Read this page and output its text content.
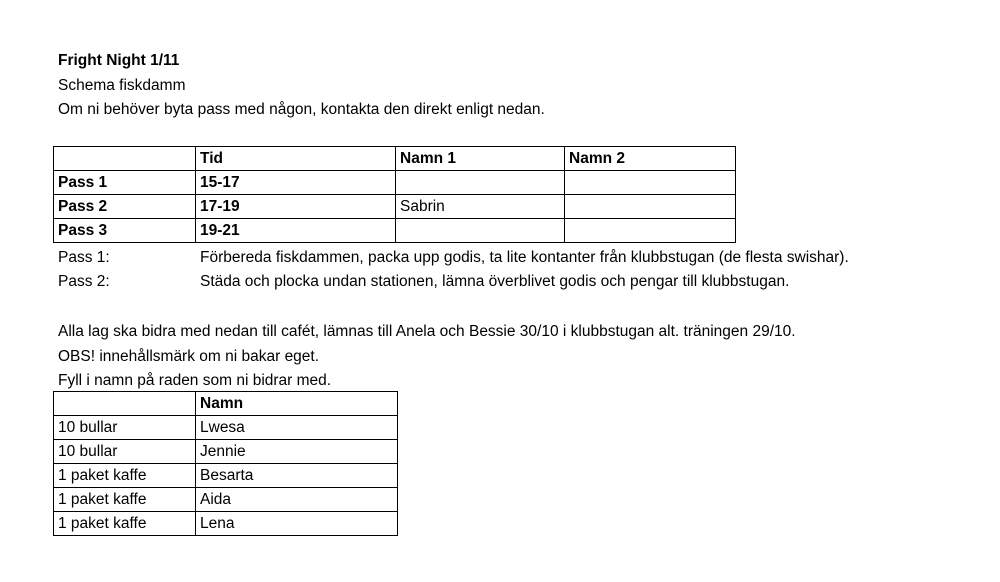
Fright Night 1/11
Schema fiskdamm
Om ni behöver byta pass med någon, kontakta den direkt enligt nedan.
	Tid	Namn 1	Namn 2
Pass 1	15-17		
Pass 2	17-19	Sabrin	
Pass 3	19-21		
Pass 1:	Förbereda fiskdammen, packa upp godis, ta lite kontanter från klubbstugan (de flesta swishar).
Pass 2:	Städa och plocka undan stationen, lämna överblivet godis och pengar till klubbstugan.
Alla lag ska bidra med nedan till cafét, lämnas till Anela och Bessie 30/10 i klubbstugan alt. träningen 29/10.
OBS! innehållsmärk om ni bakar eget.
Fyll i namn på raden som ni bidrar med.
	Namn
10 bullar	Lwesa
10 bullar	Jennie
1 paket kaffe	Besarta
1 paket kaffe	Aida
1 paket kaffe	Lena
